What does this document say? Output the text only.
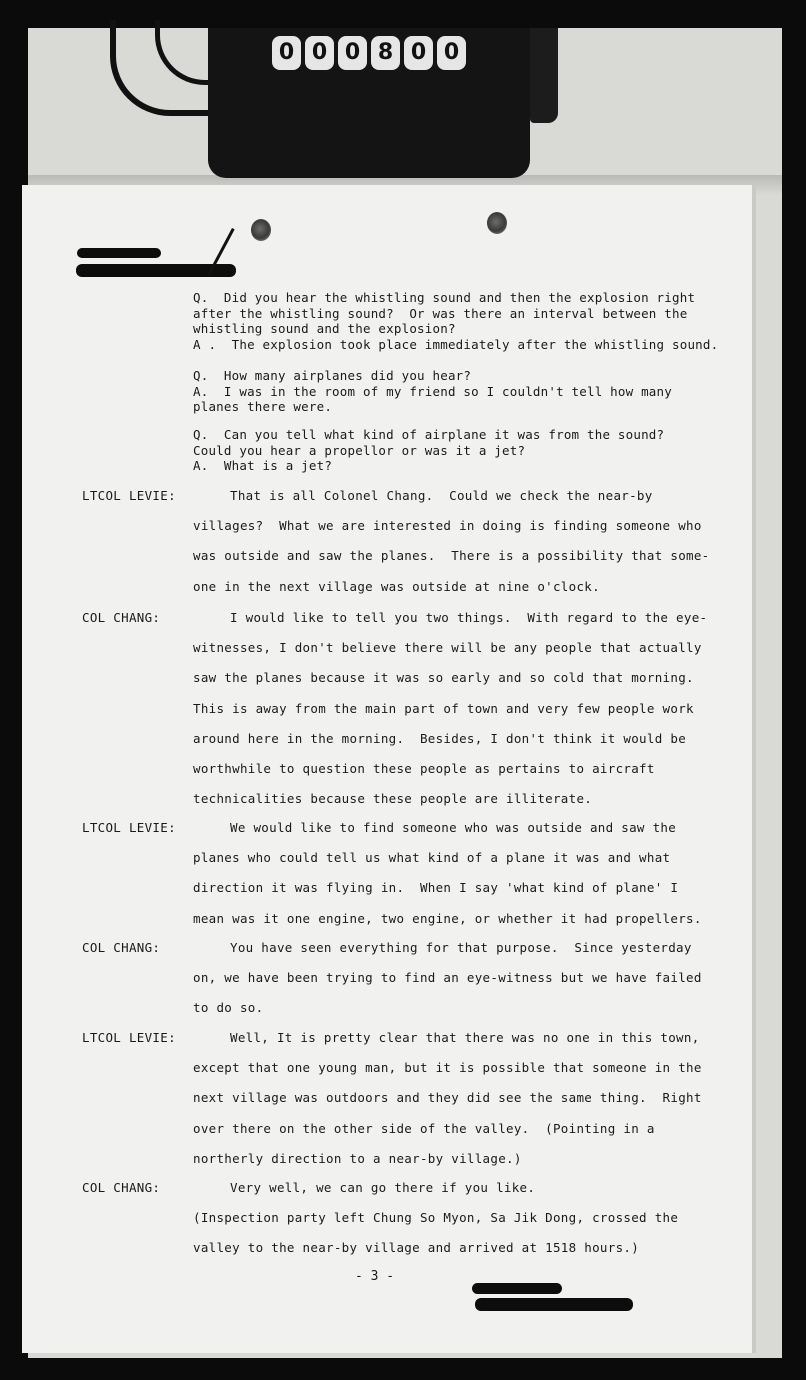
0 0 0 8 0 0
Q.  Did you hear the whistling sound and then the explosion right
after the whistling sound?  Or was there an interval between the
whistling sound and the explosion?
A .  The explosion took place immediately after the whistling sound.
Q.  How many airplanes did you hear?
A.  I was in the room of my friend so I couldn't tell how many
planes there were.
Q.  Can you tell what kind of airplane it was from the sound?
Could you hear a propellor or was it a jet?
A.  What is a jet?
LTCOL LEVIE:	That is all Colonel Chang.  Could we check the near-by
villages?  What we are interested in doing is finding someone who
was outside and saw the planes.  There is a possibility that some-
one in the next village was outside at nine o'clock.
COL CHANG:	I would like to tell you two things.  With regard to the eye-
witnesses, I don't believe there will be any people that actually
saw the planes because it was so early and so cold that morning.
This is away from the main part of town and very few people work
around here in the morning.  Besides, I don't think it would be
worthwhile to question these people as pertains to aircraft
technicalities because these people are illiterate.
LTCOL LEVIE:	We would like to find someone who was outside and saw the
planes who could tell us what kind of a plane it was and what
direction it was flying in.  When I say 'what kind of plane' I
mean was it one engine, two engine, or whether it had propellers.
COL CHANG:	You have seen everything for that purpose.  Since yesterday
on, we have been trying to find an eye-witness but we have failed
to do so.
LTCOL LEVIE:	Well, It is pretty clear that there was no one in this town,
except that one young man, but it is possible that someone in the
next village was outdoors and they did see the same thing.  Right
over there on the other side of the valley.  (Pointing in a
northerly direction to a near-by village.)
COL CHANG:	Very well, we can go there if you like.
(Inspection party left Chung So Myon, Sa Jik Dong, crossed the
valley to the near-by village and arrived at 1518 hours.)
- 3 -
